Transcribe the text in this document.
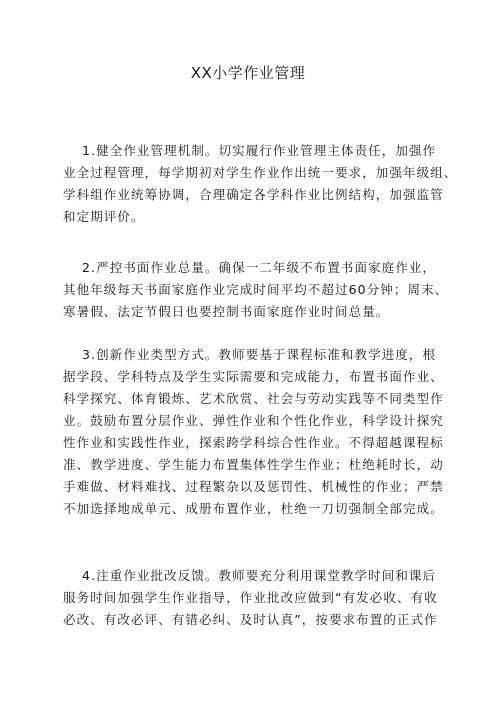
XX小学作业管理

1.健全作业管理机制。切实履行作业管理主体责任，加强作
业全过程管理，每学期初对学生作业作出统一要求，加强年级组、
学科组作业统筹协调，合理确定各学科作业比例结构，加强监管
和定期评价。

2.严控书面作业总量。确保一二年级不布置书面家庭作业，
其他年级每天书面家庭作业完成时间平均不超过60分钟；周末、
寒暑假、法定节假日也要控制书面家庭作业时间总量。

3.创新作业类型方式。教师要基于课程标准和教学进度，根
据学段、学科特点及学生实际需要和完成能力，布置书面作业、
科学探究、体育锻炼、艺术欣赏、社会与劳动实践等不同类型作
业。鼓励布置分层作业、弹性作业和个性化作业，科学设计探究
性作业和实践性作业，探索跨学科综合性作业。不得超越课程标
准、教学进度、学生能力布置集体性学生作业；杜绝耗时长，动
手难做、材料难找、过程繁杂以及惩罚性、机械性的作业；严禁
不加选择地成单元、成册布置作业，杜绝一刀切强制全部完成。

4.注重作业批改反馈。教师要充分利用课堂教学时间和课后
服务时间加强学生作业指导，作业批改应做到“有发必收、有收
必改、有改必评、有错必纠、及时认真”，按要求布置的正式作
